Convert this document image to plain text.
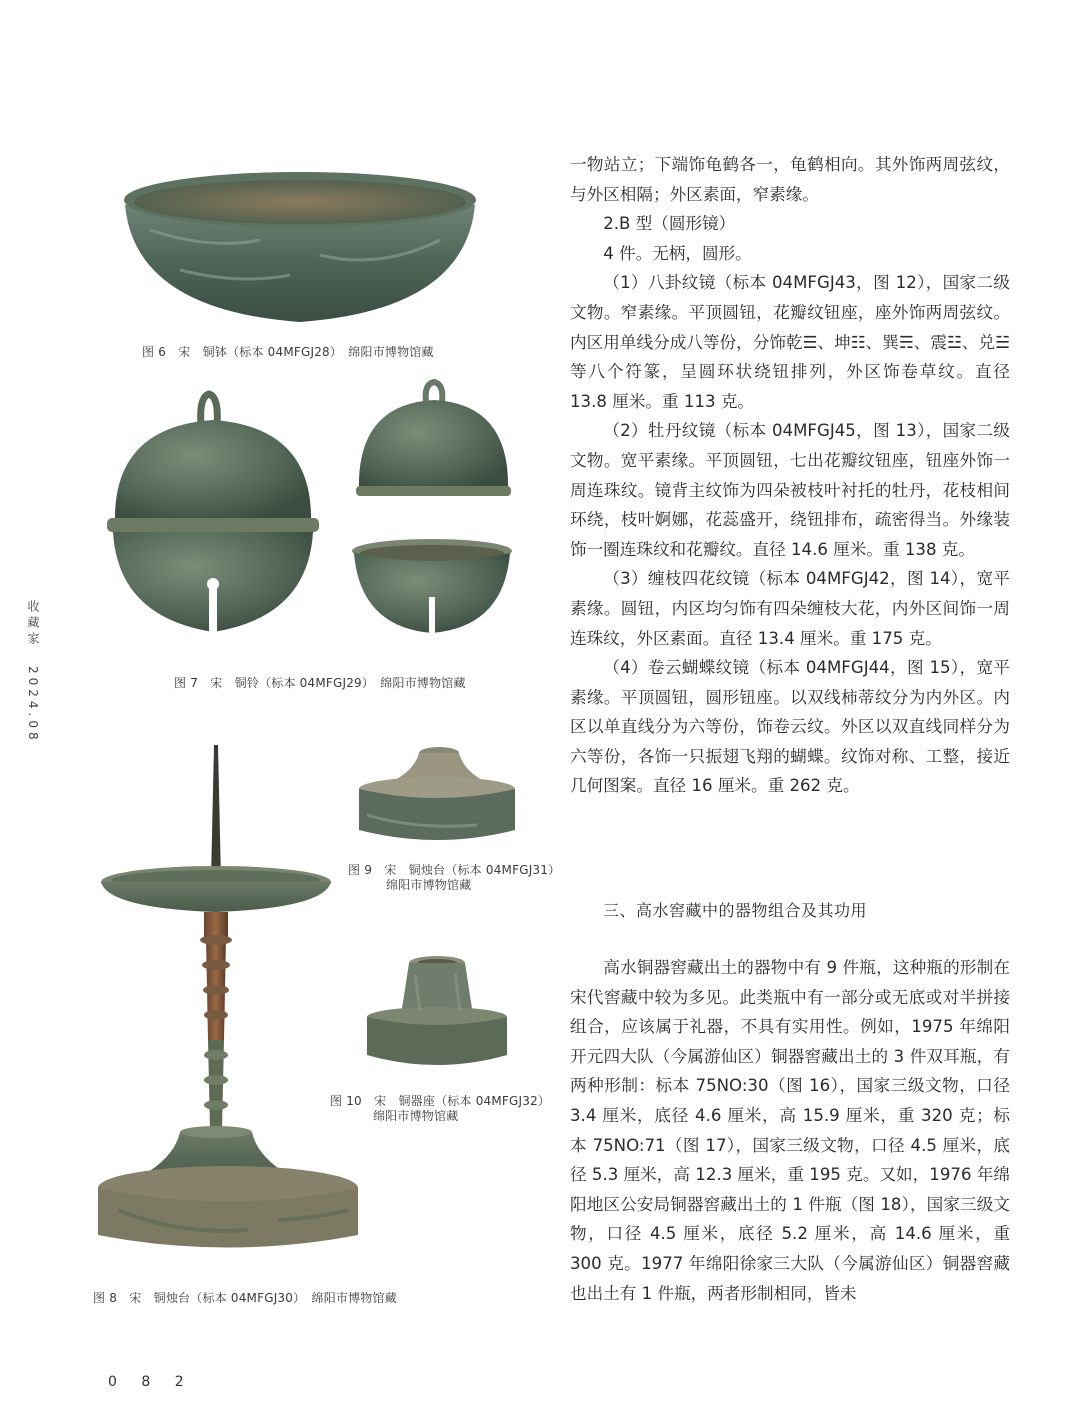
收藏家 2024.08
图 6　宋　铜钵（标本 04MFGJ28）　绵阳市博物馆藏
图 7　宋　铜铃（标本 04MFGJ29）　绵阳市博物馆藏
图 8　宋　铜烛台（标本 04MFGJ30）　绵阳市博物馆藏
图 9　宋　铜烛台（标本 04MFGJ31）
绵阳市博物馆藏
图 10　宋　铜器座（标本 04MFGJ32）
绵阳市博物馆藏

一物站立；下端饰龟鹤各一，龟鹤相向。其外饰两周弦纹，与外区相隔；外区素面，窄素缘。

2.B 型（圆形镜）

4 件。无柄，圆形。

（1）八卦纹镜（标本 04MFGJ43，图 12），国家二级文物。窄素缘。平顶圆钮，花瓣纹钮座，座外饰两周弦纹。内区用单线分成八等份，分饰乾☰、坤☷、巽☴、震☳、兑☱等八个符篆，呈圆环状绕钮排列，外区饰卷草纹。直径 13.8 厘米。重 113 克。

（2）牡丹纹镜（标本 04MFGJ45，图 13），国家二级文物。宽平素缘。平顶圆钮，七出花瓣纹钮座，钮座外饰一周连珠纹。镜背主纹饰为四朵被枝叶衬托的牡丹，花枝相间环绕，枝叶婀娜，花蕊盛开，绕钮排布，疏密得当。外缘装饰一圈连珠纹和花瓣纹。直径 14.6 厘米。重 138 克。

（3）缠枝四花纹镜（标本 04MFGJ42，图 14），宽平素缘。圆钮，内区均匀饰有四朵缠枝大花，内外区间饰一周连珠纹，外区素面。直径 13.4 厘米。重 175 克。

（4）卷云蝴蝶纹镜（标本 04MFGJ44，图 15），宽平素缘。平顶圆钮，圆形钮座。以双线柿蒂纹分为内外区。内区以单直线分为六等份，饰卷云纹。外区以双直线同样分为六等份，各饰一只振翅飞翔的蝴蝶。纹饰对称、工整，接近几何图案。直径 16 厘米。重 262 克。

三、高水窖藏中的器物组合及其功用

高水铜器窖藏出土的器物中有 9 件瓶，这种瓶的形制在宋代窖藏中较为多见。此类瓶中有一部分或无底或对半拼接组合，应该属于礼器，不具有实用性。例如，1975 年绵阳开元四大队（今属游仙区）铜器窖藏出土的 3 件双耳瓶，有两种形制：标本 75NO:30（图 16），国家三级文物，口径 3.4 厘米，底径 4.6 厘米，高 15.9 厘米，重 320 克；标本 75NO:71（图 17），国家三级文物，口径 4.5 厘米，底径 5.3 厘米，高 12.3 厘米，重 195 克。又如，1976 年绵阳地区公安局铜器窖藏出土的 1 件瓶（图 18），国家三级文物，口径 4.5 厘米，底径 5.2 厘米，高 14.6 厘米，重 300 克。1977 年绵阳徐家三大队（今属游仙区）铜器窖藏也出土有 1 件瓶，两者形制相同，皆未

0 8 2
